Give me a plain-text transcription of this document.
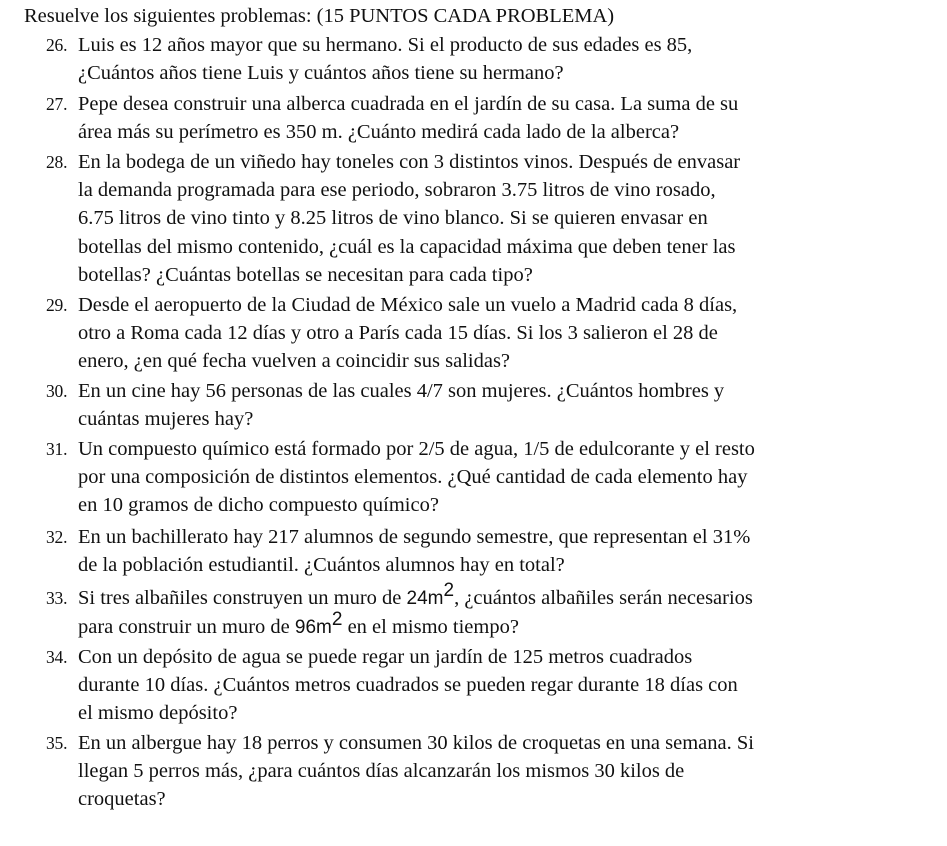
Resuelve los siguientes problemas: (15 PUNTOS CADA PROBLEMA)
26. Luis es 12 años mayor que su hermano. Si el producto de sus edades es 85,
¿Cuántos años tiene Luis y cuántos años tiene su hermano?
27. Pepe desea construir una alberca cuadrada en el jardín de su casa. La suma de su
área más su perímetro es 350 m. ¿Cuánto medirá cada lado de la alberca?
28. En la bodega de un viñedo hay toneles con 3 distintos vinos. Después de envasar
la demanda programada para ese periodo, sobraron 3.75 litros de vino rosado,
6.75 litros de vino tinto y 8.25 litros de vino blanco. Si se quieren envasar en
botellas del mismo contenido, ¿cuál es la capacidad máxima que deben tener las
botellas? ¿Cuántas botellas se necesitan para cada tipo?
29. Desde el aeropuerto de la Ciudad de México sale un vuelo a Madrid cada 8 días,
otro a Roma cada 12 días y otro a París cada 15 días. Si los 3 salieron el 28 de
enero, ¿en qué fecha vuelven a coincidir sus salidas?
30. En un cine hay 56 personas de las cuales 4/7 son mujeres. ¿Cuántos hombres y
cuántas mujeres hay?
31. Un compuesto químico está formado por 2/5 de agua, 1/5 de edulcorante y el resto
por una composición de distintos elementos. ¿Qué cantidad de cada elemento hay
en 10 gramos de dicho compuesto químico?
32. En un bachillerato hay 217 alumnos de segundo semestre, que representan el 31%
de la población estudiantil. ¿Cuántos alumnos hay en total?
33. Si tres albañiles construyen un muro de $24m^2$, ¿cuántos albañiles serán necesarios
para construir un muro de $96m^2$ en el mismo tiempo?
34. Con un depósito de agua se puede regar un jardín de 125 metros cuadrados
durante 10 días. ¿Cuántos metros cuadrados se pueden regar durante 18 días con
el mismo depósito?
35. En un albergue hay 18 perros y consumen 30 kilos de croquetas en una semana. Si
llegan 5 perros más, ¿para cuántos días alcanzarán los mismos 30 kilos de
croquetas?
